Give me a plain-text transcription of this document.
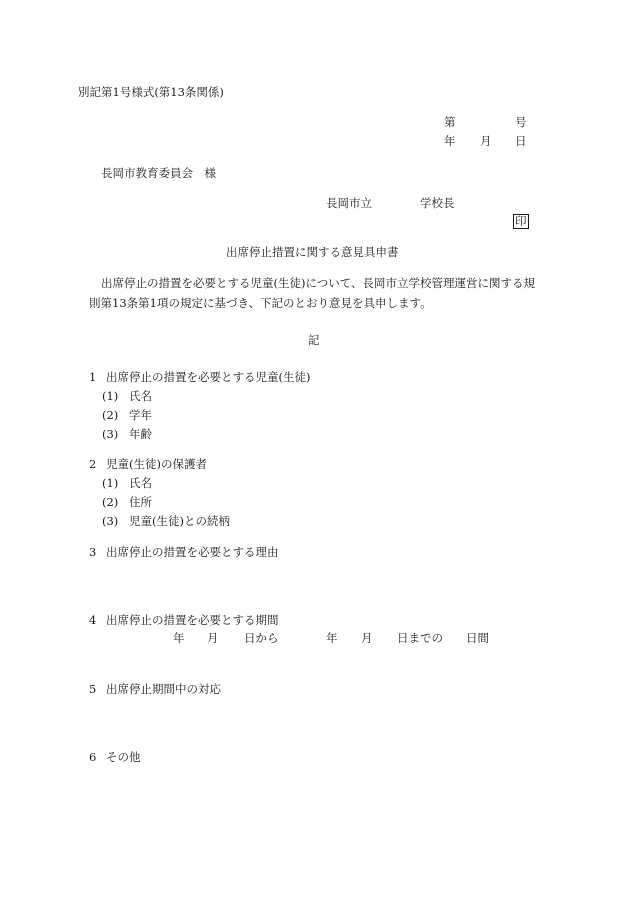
別記第1号様式(第13条関係)
第	号
年 月 日
長岡市教育委員会　様
長岡市立	学校長
印
出席停止措置に関する意見具申書
出席停止の措置を必要とする児童(生徒)について、長岡市立学校管理運営に関する規
則第13条第1項の規定に基づき、下記のとおり意見を具申します。
記
1 出席停止の措置を必要とする児童(生徒)
(1) 氏名
(2) 学年
(3) 年齢
2 児童(生徒)の保護者
(1) 氏名
(2) 住所
(3) 児童(生徒)との続柄
3 出席停止の措置を必要とする理由
4 出席停止の措置を必要とする期間
年 月 日から	年 月 日までの 日間
5 出席停止期間中の対応
6 その他
